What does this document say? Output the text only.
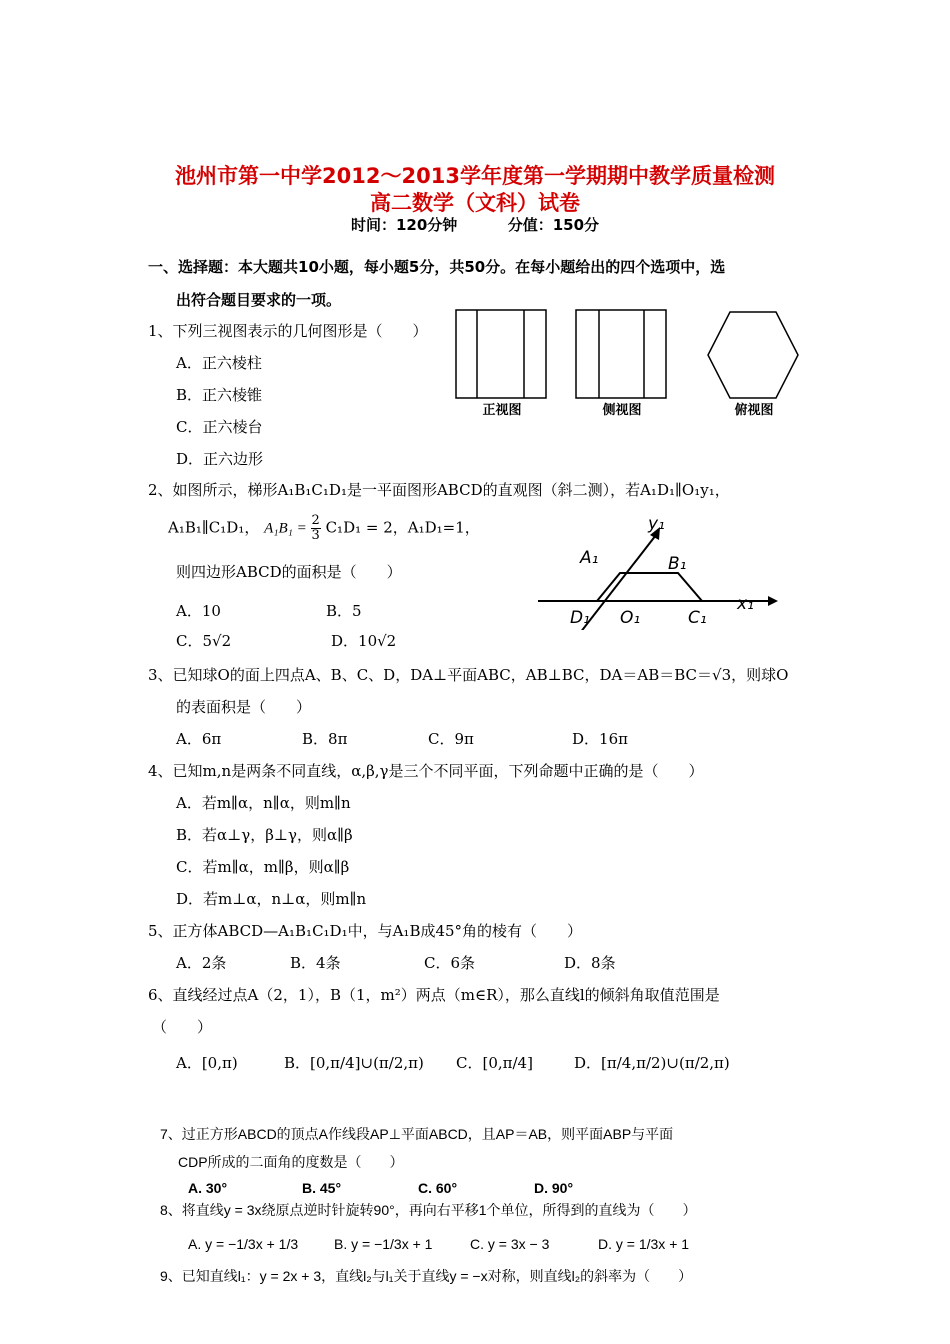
池州市第一中学2012～2013学年度第一学期期中教学质量检测
高二数学（文科）试卷
时间：120分钟	分值：150分
一、选择题：本大题共10小题，每小题5分，共50分。在每小题给出的四个选项中，选
出符合题目要求的一项。
1、下列三视图表示的几何图形是（　　）
A．正六棱柱
B．正六棱锥
C．正六棱台
D．正六边形
正视图	侧视图	俯视图
2、如图所示，梯形A₁B₁C₁D₁是一平面图形ABCD的直观图（斜二测），若A₁D₁∥O₁y₁，
A₁B₁∥C₁D₁， $A_1B_1 = \frac{2}{3} C_1D_1 = 2$，A₁D₁=1，
则四边形ABCD的面积是（　　）
A．10	B．5
C．5√2	D．10√2
y₁
x₁
A₁	B₁
C₁
D₁ O₁
3、已知球O的面上四点A、B、C、D，DA⊥平面ABC，AB⊥BC，DA＝AB＝BC＝√3，则球O
的表面积是（　　）
A．6π	B．8π	C．9π	D．16π
4、已知m,n是两条不同直线，α,β,γ是三个不同平面，下列命题中正确的是（　　）
A．若m∥α，n∥α，则m∥n
B．若α⊥γ，β⊥γ，则α∥β
C．若m∥α，m∥β，则α∥β
D．若m⊥α，n⊥α，则m∥n
5、正方体ABCD—A₁B₁C₁D₁中，与A₁B成45°角的棱有（　　）
A．2条	B．4条	C．6条	D．8条
6、直线经过点A（2，1），B（1，m²）两点（m∈R），那么直线l的倾斜角取值范围是
（　　）
A．[0,π)	B．[0,π/4]∪(π/2,π) C．[0,π/4]	D．[π/4,π/2)∪(π/2,π)
7、过正方形ABCD的顶点A作线段AP⊥平面ABCD，且AP＝AB，则平面ABP与平面
CDP所成的二面角的度数是（　　）
A. 30°	B. 45°	C. 60°	D. 90°
8、将直线y = 3x绕原点逆时针旋转90°，再向右平移1个单位，所得到的直线为（　　）
A. y = −1/3x + 1/3	B. y = −1/3x + 1	C. y = 3x − 3	D. y = 1/3x + 1
9、已知直线l₁：y = 2x + 3，直线l₂与l₁关于直线y = −x对称，则直线l₂的斜率为（　　）
